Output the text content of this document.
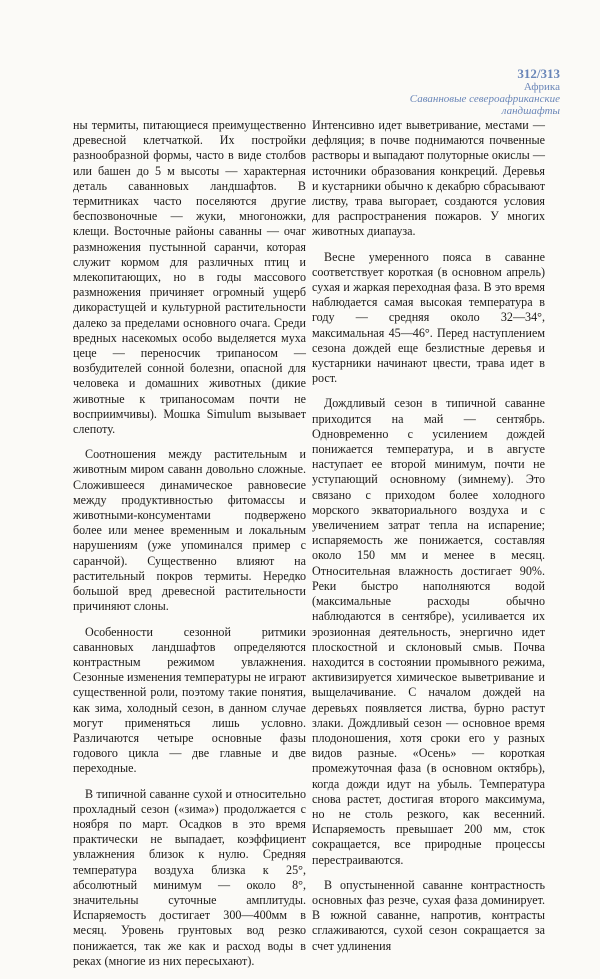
312/313
Африка
Саванновые североафриканские
ландшафты

ны термиты, питающиеся преимущественно древесной клетчаткой. Их постройки разнообразной формы, часто в виде столбов или башен до 5 м высоты — характерная деталь саванновых ландшафтов. В термитниках часто поселяются другие беспозвоночные — жуки, многоножки, клещи. Восточные районы саванны — очаг размножения пустынной саранчи, которая служит кормом для различных птиц и млекопитающих, но в годы массового размножения причиняет огромный ущерб дикорастущей и культурной растительности далеко за пределами основного очага. Среди вредных насекомых особо выделяется муха цеце — переносчик трипаносом — возбудителей сонной болезни, опасной для человека и домашних животных (дикие животные к трипаносомам почти не восприимчивы). Мошка Simulum вызывает слепоту.

Соотношения между растительным и животным миром саванн довольно сложные. Сложившееся динамическое равновесие между продуктивностью фитомассы и животными-консументами подвержено более или менее временным и локальным нарушениям (уже упоминался пример с саранчой). Существенно влияют на растительный покров термиты. Нередко большой вред древесной растительности причиняют слоны.

Особенности сезонной ритмики саванновых ландшафтов определяются контрастным режимом увлажнения. Сезонные изменения температуры не играют существенной роли, поэтому такие понятия, как зима, холодный сезон, в данном случае могут применяться лишь условно. Различаются четыре основные фазы годового цикла — две главные и две переходные.

В типичной саванне сухой и относительно прохладный сезон («зима») продолжается с ноября по март. Осадков в это время практически не выпадает, коэффициент увлажнения близок к нулю. Средняя температура воздуха близка к 25°, абсолютный минимум — около 8°, значительны суточные амплитуды. Испаряемость достигает 300—400мм в месяц. Уровень грунтовых вод резко понижается, так же как и расход воды в реках (многие из них пересыхают).

Интенсивно идет выветривание, местами — дефляция; в почве поднимаются почвенные растворы и выпадают полуторные окислы — источники образования конкреций. Деревья и кустарники обычно к декабрю сбрасывают листву, трава выгорает, создаются условия для распространения пожаров. У многих животных диапауза.

Весне умеренного пояса в саванне соответствует короткая (в основном апрель) сухая и жаркая переходная фаза. В это время наблюдается самая высокая температура в году — средняя около 32—34°, максимальная 45—46°. Перед наступлением сезона дождей еще безлистные деревья и кустарники начинают цвести, трава идет в рост.

Дождливый сезон в типичной саванне приходится на май — сентябрь. Одновременно с усилением дождей понижается температура, и в августе наступает ее второй минимум, почти не уступающий основному (зимнему). Это связано с приходом более холодного морского экваториального воздуха и с увеличением затрат тепла на испарение; испаряемость же понижается, составляя около 150 мм и менее в месяц. Относительная влажность достигает 90%. Реки быстро наполняются водой (максимальные расходы обычно наблюдаются в сентябре), усиливается их эрозионная деятельность, энергично идет плоскостной и склоновый смыв. Почва находится в состоянии промывного режима, активизируется химическое выветривание и выщелачивание. С началом дождей на деревьях появляется листва, бурно растут злаки. Дождливый сезон — основное время плодоношения, хотя сроки его у разных видов разные. «Осень» — короткая промежуточная фаза (в основном октябрь), когда дожди идут на убыль. Температура снова растет, достигая второго максимума, но не столь резкого, как весенний. Испаряемость превышает 200 мм, сток сокращается, все природные процессы перестраиваются.

В опустыненной саванне контрастность основных фаз резче, сухая фаза доминирует. В южной саванне, напротив, контрасты сглаживаются, сухой сезон сокращается за счет удлинения
